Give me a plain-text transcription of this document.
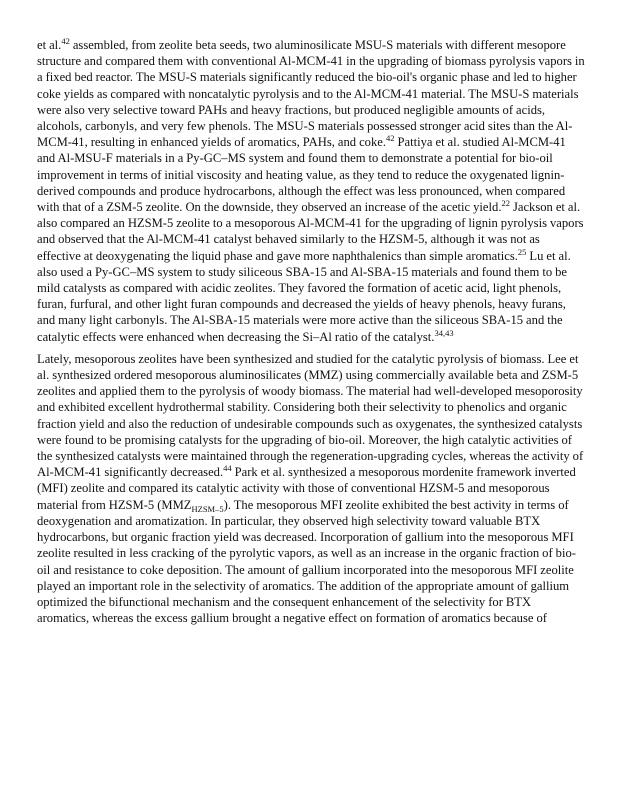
et al.$^{42}$ assembled, from zeolite beta seeds, two aluminosilicate MSU-S materials with different mesopore structure and compared them with conventional Al-MCM-41 in the upgrading of biomass pyrolysis vapors in a fixed bed reactor. The MSU-S materials significantly reduced the bio-oil's organic phase and led to higher coke yields as compared with noncatalytic pyrolysis and to the Al-MCM-41 material. The MSU-S materials were also very selective toward PAHs and heavy fractions, but produced negligible amounts of acids, alcohols, carbonyls, and very few phenols. The MSU-S materials possessed stronger acid sites than the Al-MCM-41, resulting in enhanced yields of aromatics, PAHs, and coke.$^{42}$ Pattiya et al. studied Al-MCM-41 and Al-MSU-F materials in a Py-GC–MS system and found them to demonstrate a potential for bio-oil improvement in terms of initial viscosity and heating value, as they tend to reduce the oxygenated lignin-derived compounds and produce hydrocarbons, although the effect was less pronounced, when compared with that of a ZSM-5 zeolite. On the downside, they observed an increase of the acetic yield.$^{22}$ Jackson et al. also compared an HZSM-5 zeolite to a mesoporous Al-MCM-41 for the upgrading of lignin pyrolysis vapors and observed that the Al-MCM-41 catalyst behaved similarly to the HZSM-5, although it was not as effective at deoxygenating the liquid phase and gave more naphthalenics than simple aromatics.$^{25}$ Lu et al. also used a Py-GC–MS system to study siliceous SBA-15 and Al-SBA-15 materials and found them to be mild catalysts as compared with acidic zeolites. They favored the formation of acetic acid, light phenols, furan, furfural, and other light furan compounds and decreased the yields of heavy phenols, heavy furans, and many light carbonyls. The Al-SBA-15 materials were more active than the siliceous SBA-15 and the catalytic effects were enhanced when decreasing the Si–Al ratio of the catalyst.$^{34,43}$

Lately, mesoporous zeolites have been synthesized and studied for the catalytic pyrolysis of biomass. Lee et al. synthesized ordered mesoporous aluminosilicates (MMZ) using commercially available beta and ZSM-5 zeolites and applied them to the pyrolysis of woody biomass. The material had well-developed mesoporosity and exhibited excellent hydrothermal stability. Considering both their selectivity to phenolics and organic fraction yield and also the reduction of undesirable compounds such as oxygenates, the synthesized catalysts were found to be promising catalysts for the upgrading of bio-oil. Moreover, the high catalytic activities of the synthesized catalysts were maintained through the regeneration-upgrading cycles, whereas the activity of Al-MCM-41 significantly decreased.$^{44}$ Park et al. synthesized a mesoporous mordenite framework inverted (MFI) zeolite and compared its catalytic activity with those of conventional HZSM-5 and mesoporous material from HZSM-5 $(MMZ_{HZSM-5})$. The mesoporous MFI zeolite exhibited the best activity in terms of deoxygenation and aromatization. In particular, they observed high selectivity toward valuable BTX hydrocarbons, but organic fraction yield was decreased. Incorporation of gallium into the mesoporous MFI zeolite resulted in less cracking of the pyrolytic vapors, as well as an increase in the organic fraction of bio-oil and resistance to coke deposition. The amount of gallium incorporated into the mesoporous MFI zeolite played an important role in the selectivity of aromatics. The addition of the appropriate amount of gallium optimized the bifunctional mechanism and the consequent enhancement of the selectivity for BTX aromatics, whereas the excess gallium brought a negative effect on formation of aromatics because of
